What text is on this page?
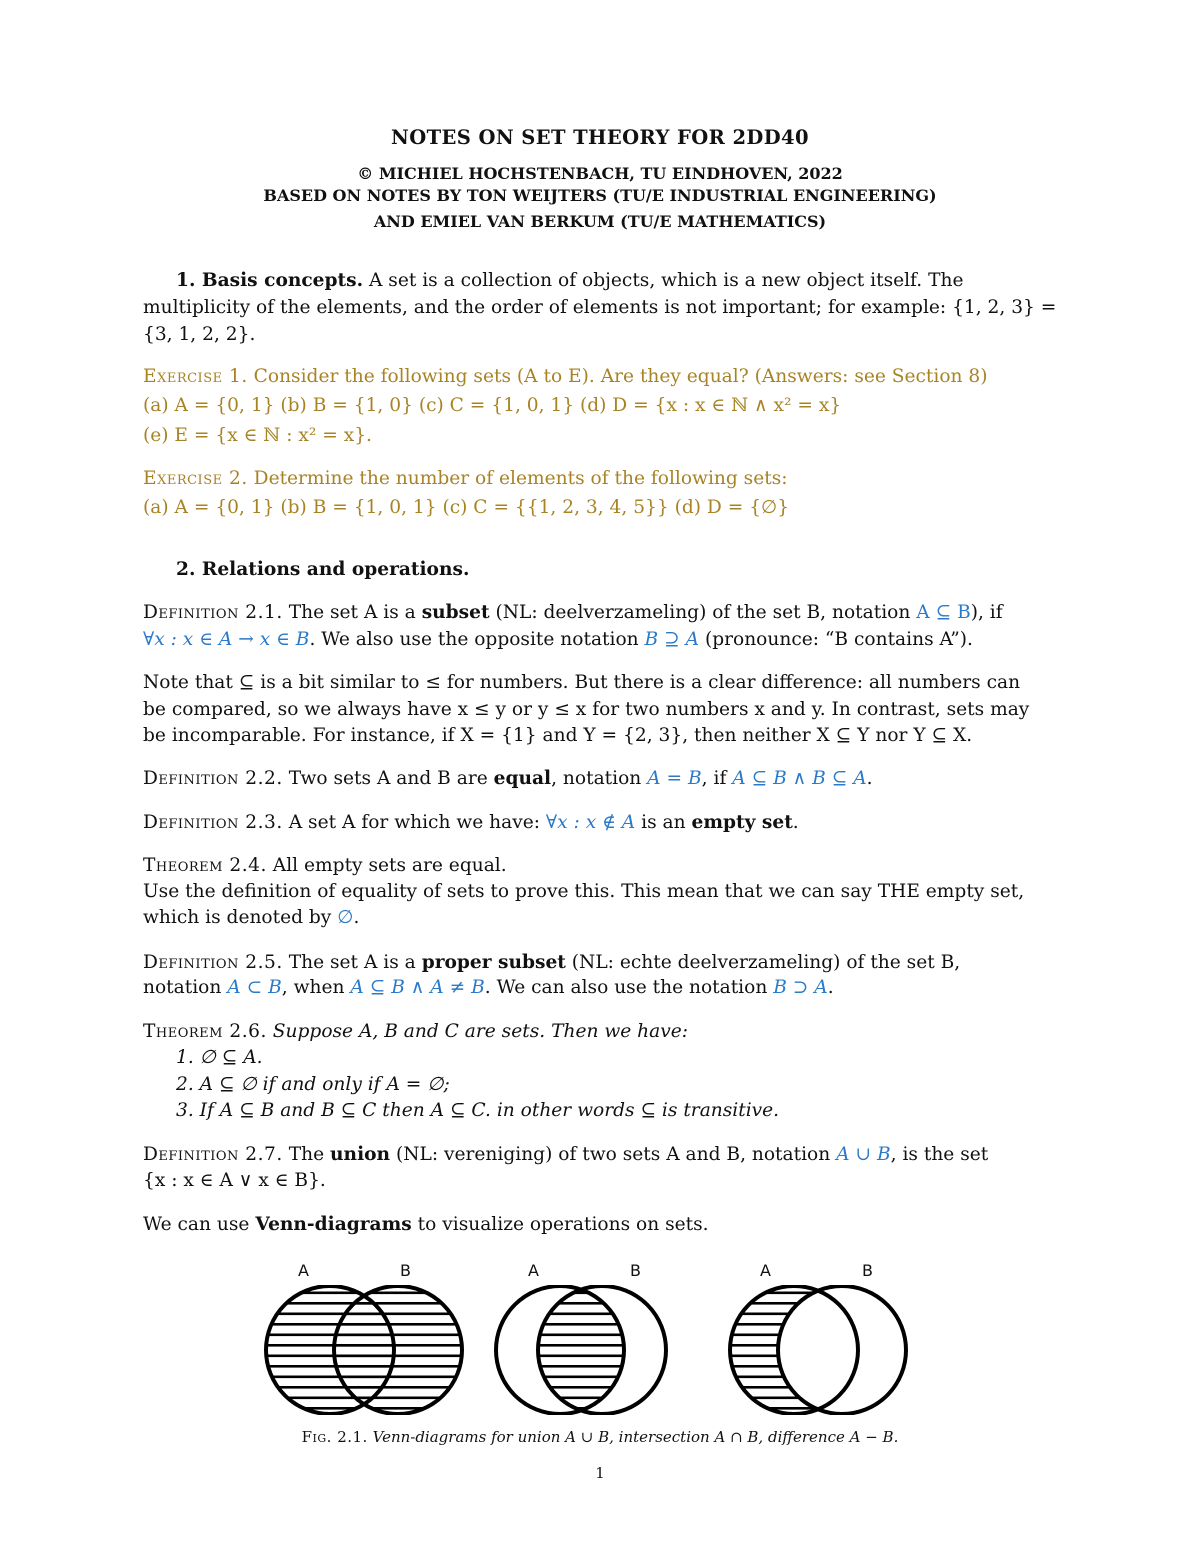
NOTES ON SET THEORY FOR 2DD40
© MICHIEL HOCHSTENBACH, TU EINDHOVEN, 2022
BASED ON NOTES BY TON WEIJTERS (TU/E INDUSTRIAL ENGINEERING)
AND EMIEL VAN BERKUM (TU/E MATHEMATICS)
1. Basis concepts. A set is a collection of objects, which is a new object itself. The
multiplicity of the elements, and the order of elements is not important; for example: {1, 2, 3} =
{3, 1, 2, 2}.
Exercise 1. Consider the following sets (A to E). Are they equal? (Answers: see Section 8)
(a) A = {0, 1} (b) B = {1, 0} (c) C = {1, 0, 1} (d) D = {x : x ∈ ℕ ∧ x² = x}
(e) E = {x ∈ ℕ : x² = x}.
Exercise 2. Determine the number of elements of the following sets:
(a) A = {0, 1} (b) B = {1, 0, 1} (c) C = {{1, 2, 3, 4, 5}} (d) D = {∅}
2. Relations and operations.
Definition 2.1. The set A is a subset (NL: deelverzameling) of the set B, notation A ⊆ B), if
∀x : x ∈ A → x ∈ B. We also use the opposite notation B ⊇ A (pronounce: “B contains A”).
Note that ⊆ is a bit similar to ≤ for numbers. But there is a clear difference: all numbers can
be compared, so we always have x ≤ y or y ≤ x for two numbers x and y. In contrast, sets may
be incomparable. For instance, if X = {1} and Y = {2, 3}, then neither X ⊆ Y nor Y ⊆ X.
Definition 2.2. Two sets A and B are equal, notation A = B, if A ⊆ B ∧ B ⊆ A.
Definition 2.3. A set A for which we have: ∀x : x ∉ A is an empty set.
Theorem 2.4. All empty sets are equal.
Use the definition of equality of sets to prove this. This mean that we can say THE empty set,
which is denoted by ∅.
Definition 2.5. The set A is a proper subset (NL: echte deelverzameling) of the set B,
notation A ⊂ B, when A ⊆ B ∧ A ≠ B. We can also use the notation B ⊃ A.
Theorem 2.6. Suppose A, B and C are sets. Then we have:
1. ∅ ⊆ A.
2. A ⊆ ∅ if and only if A = ∅;
3. If A ⊆ B and B ⊆ C then A ⊆ C. in other words ⊆ is transitive.
Definition 2.7. The union (NL: vereniging) of two sets A and B, notation A ∪ B, is the set
{x : x ∈ A ∨ x ∈ B}.
We can use Venn-diagrams to visualize operations on sets.
A	B	A	B	A	B
Fig. 2.1. Venn-diagrams for union A ∪ B, intersection A ∩ B, difference A − B.
1
